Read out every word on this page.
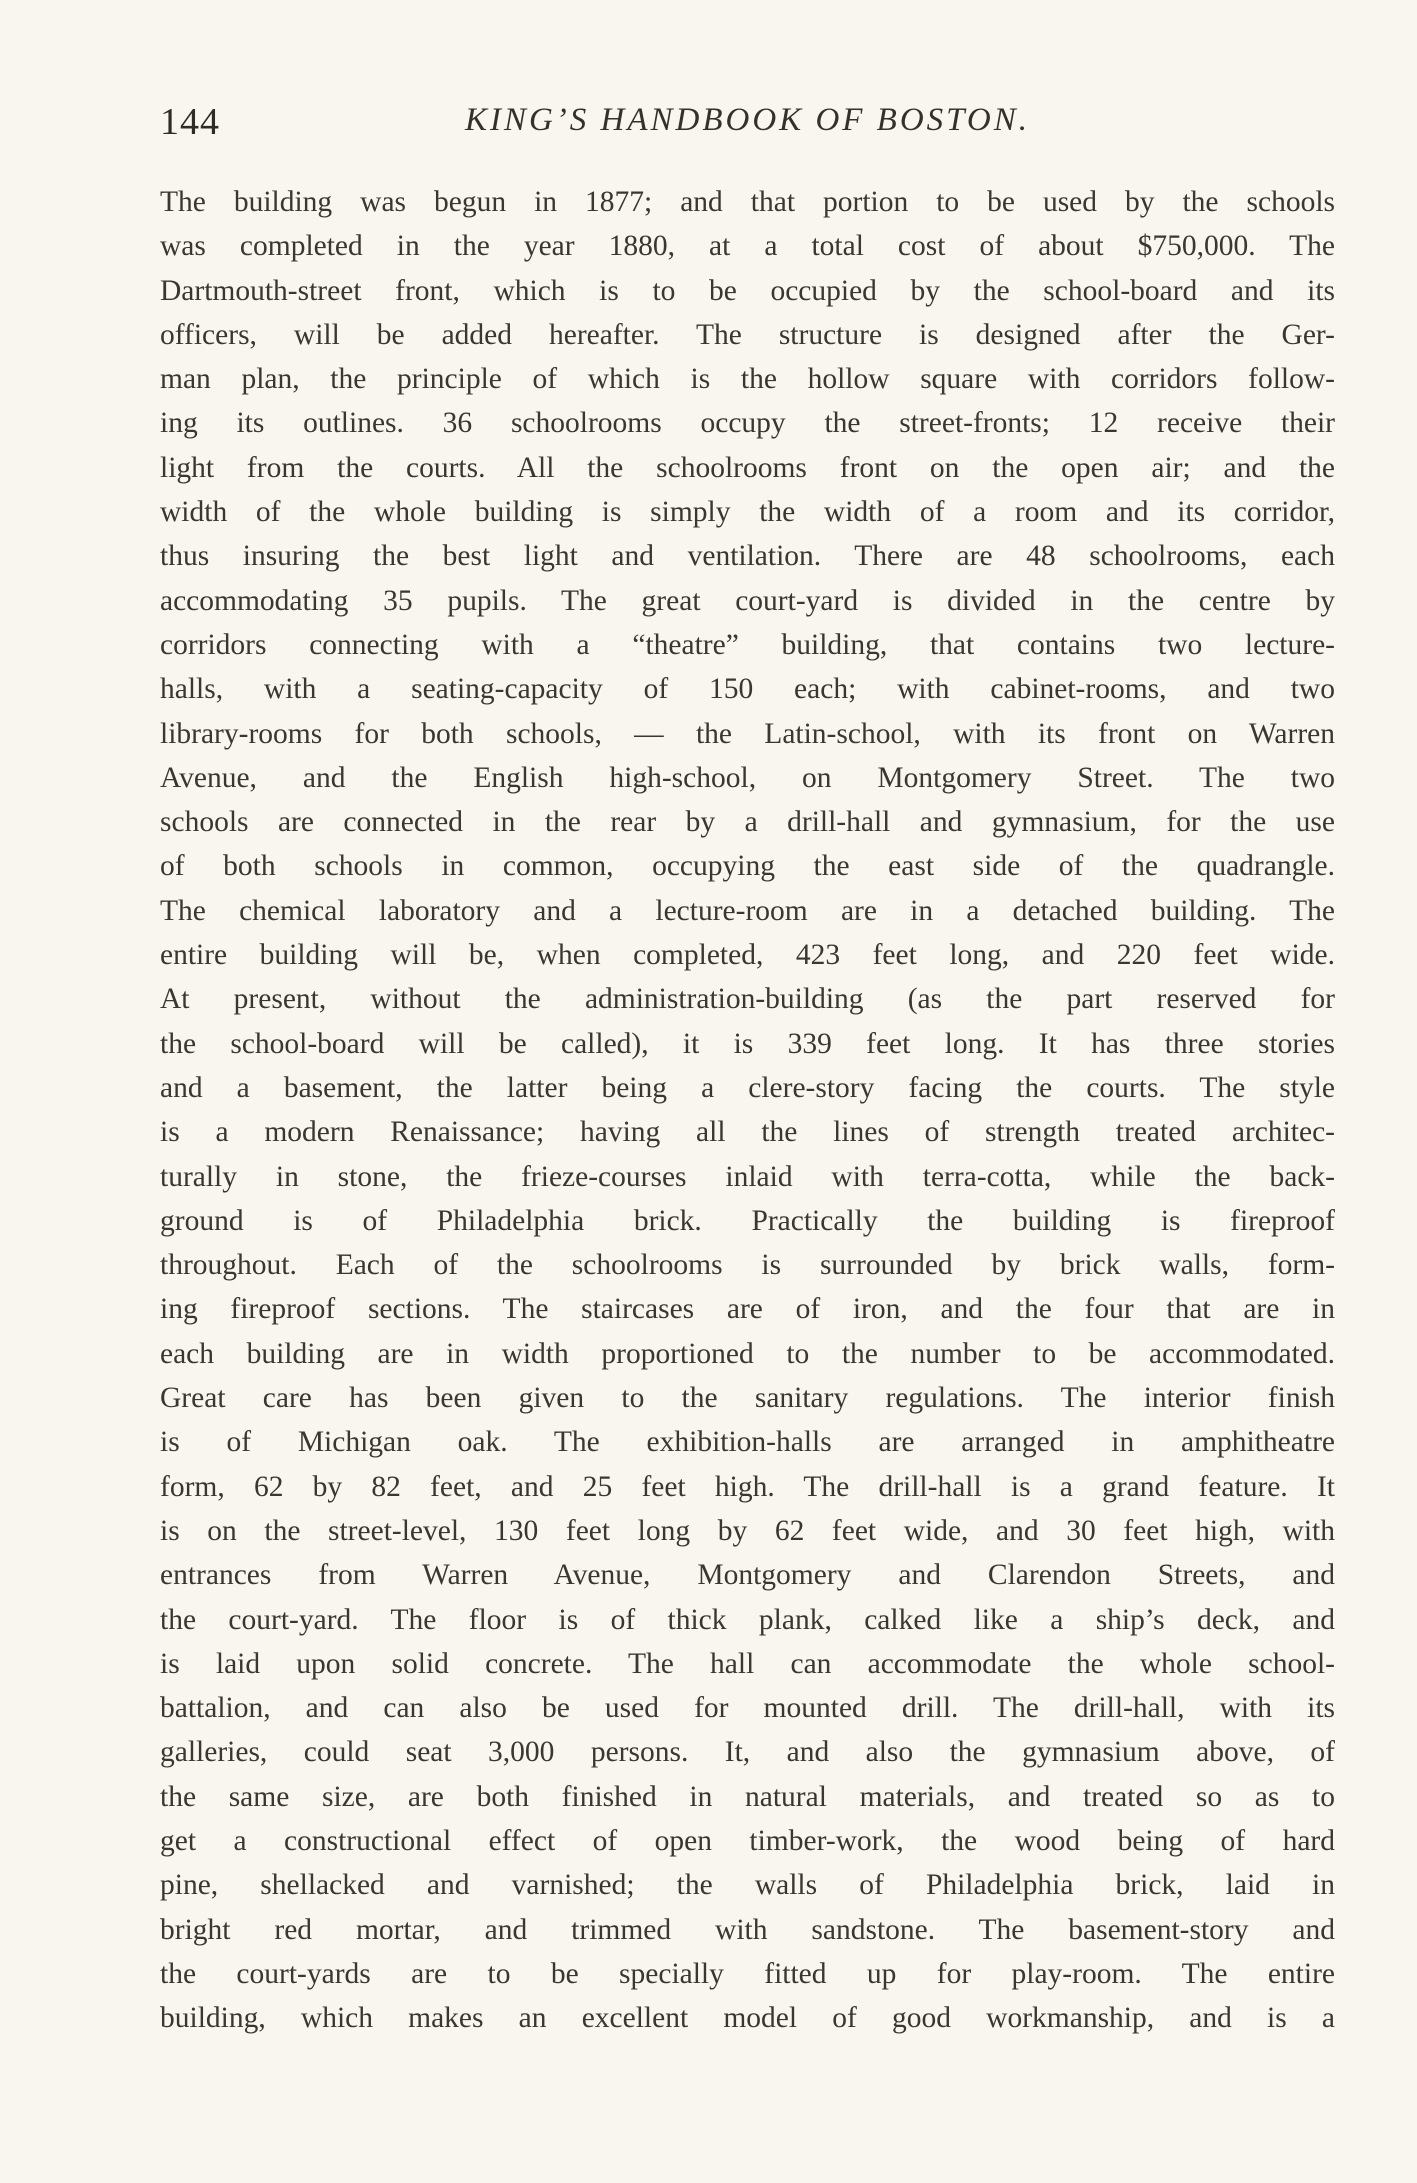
144	KING’S HANDBOOK OF BOSTON.
The building was begun in 1877; and that portion to be used by the schools
was completed in the year 1880, at a total cost of about $750,000. The
Dartmouth-street front, which is to be occupied by the school-board and its
officers, will be added hereafter. The structure is designed after the Ger-
man plan, the principle of which is the hollow square with corridors follow-
ing its outlines. 36 schoolrooms occupy the street-fronts; 12 receive their
light from the courts. All the schoolrooms front on the open air; and the
width of the whole building is simply the width of a room and its corridor,
thus insuring the best light and ventilation. There are 48 schoolrooms, each
accommodating 35 pupils. The great court-yard is divided in the centre by
corridors connecting with a “theatre” building, that contains two lecture-
halls, with a seating-capacity of 150 each; with cabinet-rooms, and two
library-rooms for both schools, — the Latin-school, with its front on Warren
Avenue, and the English high-school, on Montgomery Street. The two
schools are connected in the rear by a drill-hall and gymnasium, for the use
of both schools in common, occupying the east side of the quadrangle.
The chemical laboratory and a lecture-room are in a detached building. The
entire building will be, when completed, 423 feet long, and 220 feet wide.
At present, without the administration-building (as the part reserved for
the school-board will be called), it is 339 feet long. It has three stories
and a basement, the latter being a clere-story facing the courts. The style
is a modern Renaissance; having all the lines of strength treated architec-
turally in stone, the frieze-courses inlaid with terra-cotta, while the back-
ground is of Philadelphia brick. Practically the building is fireproof
throughout. Each of the schoolrooms is surrounded by brick walls, form-
ing fireproof sections. The staircases are of iron, and the four that are in
each building are in width proportioned to the number to be accommodated.
Great care has been given to the sanitary regulations. The interior finish
is of Michigan oak. The exhibition-halls are arranged in amphitheatre
form, 62 by 82 feet, and 25 feet high. The drill-hall is a grand feature. It
is on the street-level, 130 feet long by 62 feet wide, and 30 feet high, with
entrances from Warren Avenue, Montgomery and Clarendon Streets, and
the court-yard. The floor is of thick plank, calked like a ship’s deck, and
is laid upon solid concrete. The hall can accommodate the whole school-
battalion, and can also be used for mounted drill. The drill-hall, with its
galleries, could seat 3,000 persons. It, and also the gymnasium above, of
the same size, are both finished in natural materials, and treated so as to
get a constructional effect of open timber-work, the wood being of hard
pine, shellacked and varnished; the walls of Philadelphia brick, laid in
bright red mortar, and trimmed with sandstone. The basement-story and
the court-yards are to be specially fitted up for play-room. The entire
building, which makes an excellent model of good workmanship, and is a
